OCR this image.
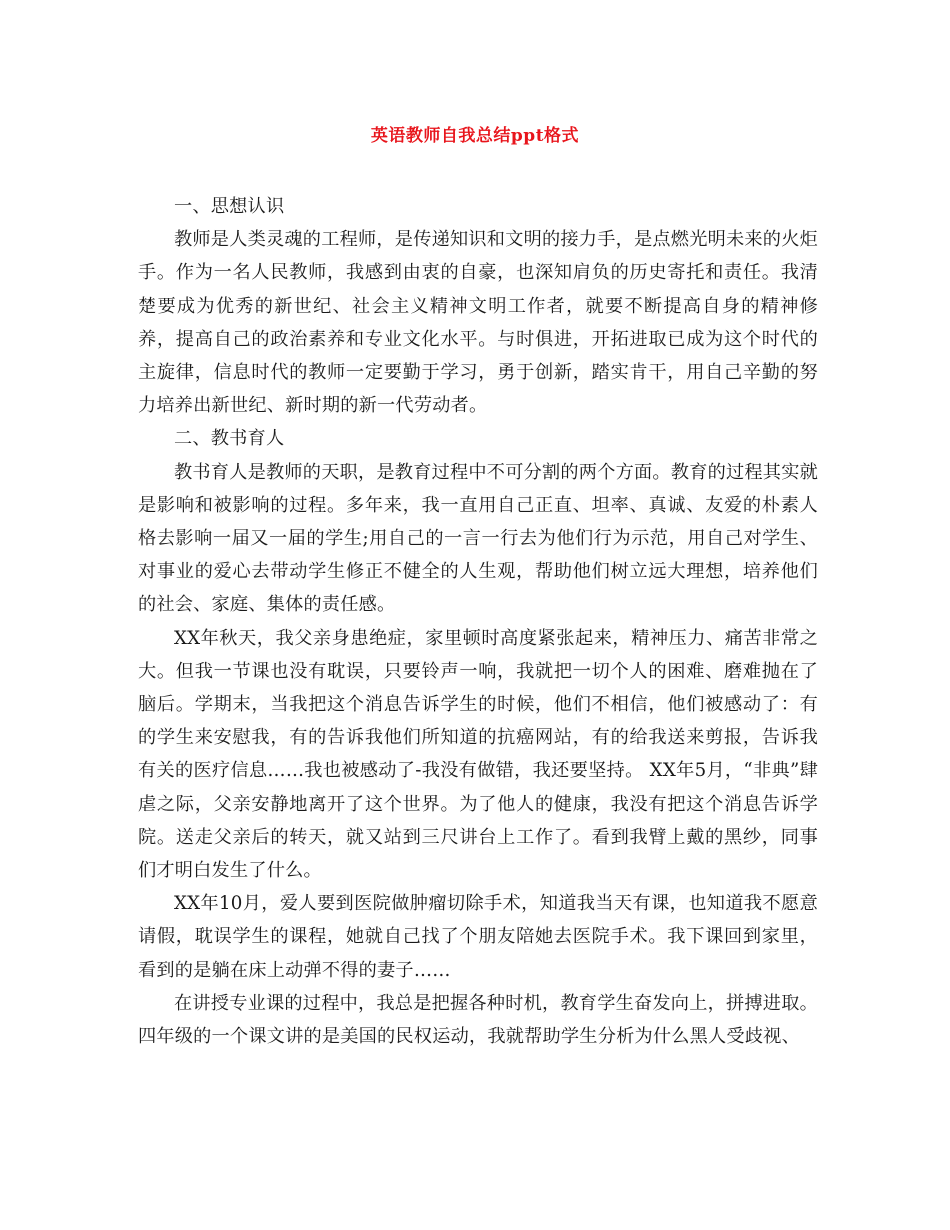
英语教师自我总结ppt格式

一、思想认识

教师是人类灵魂的工程师，是传递知识和文明的接力手，是点燃光明未来的火炬手。作为一名人民教师，我感到由衷的自豪，也深知肩负的历史寄托和责任。我清楚要成为优秀的新世纪、社会主义精神文明工作者，就要不断提高自身的精神修养，提高自己的政治素养和专业文化水平。与时俱进，开拓进取已成为这个时代的主旋律，信息时代的教师一定要勤于学习，勇于创新，踏实肯干，用自己辛勤的努力培养出新世纪、新时期的新一代劳动者。

二、教书育人

教书育人是教师的天职，是教育过程中不可分割的两个方面。教育的过程其实就是影响和被影响的过程。多年来，我一直用自己正直、坦率、真诚、友爱的朴素人格去影响一届又一届的学生;用自己的一言一行去为他们行为示范，用自己对学生、对事业的爱心去带动学生修正不健全的人生观，帮助他们树立远大理想，培养他们的社会、家庭、集体的责任感。

XX年秋天，我父亲身患绝症，家里顿时高度紧张起来，精神压力、痛苦非常之大。但我一节课也没有耽误，只要铃声一响，我就把一切个人的困难、磨难抛在了脑后。学期末，当我把这个消息告诉学生的时候，他们不相信，他们被感动了：有的学生来安慰我，有的告诉我他们所知道的抗癌网站，有的给我送来剪报，告诉我有关的医疗信息……我也被感动了-我没有做错，我还要坚持。 XX年5月，“非典”肆虐之际，父亲安静地离开了这个世界。为了他人的健康，我没有把这个消息告诉学院。送走父亲后的转天，就又站到三尺讲台上工作了。看到我臂上戴的黑纱，同事们才明白发生了什么。

XX年10月，爱人要到医院做肿瘤切除手术，知道我当天有课，也知道我不愿意请假，耽误学生的课程，她就自己找了个朋友陪她去医院手术。我下课回到家里，看到的是躺在床上动弹不得的妻子……

在讲授专业课的过程中，我总是把握各种时机，教育学生奋发向上，拼搏进取。四年级的一个课文讲的是美国的民权运动，我就帮助学生分析为什么黑人受歧视、
